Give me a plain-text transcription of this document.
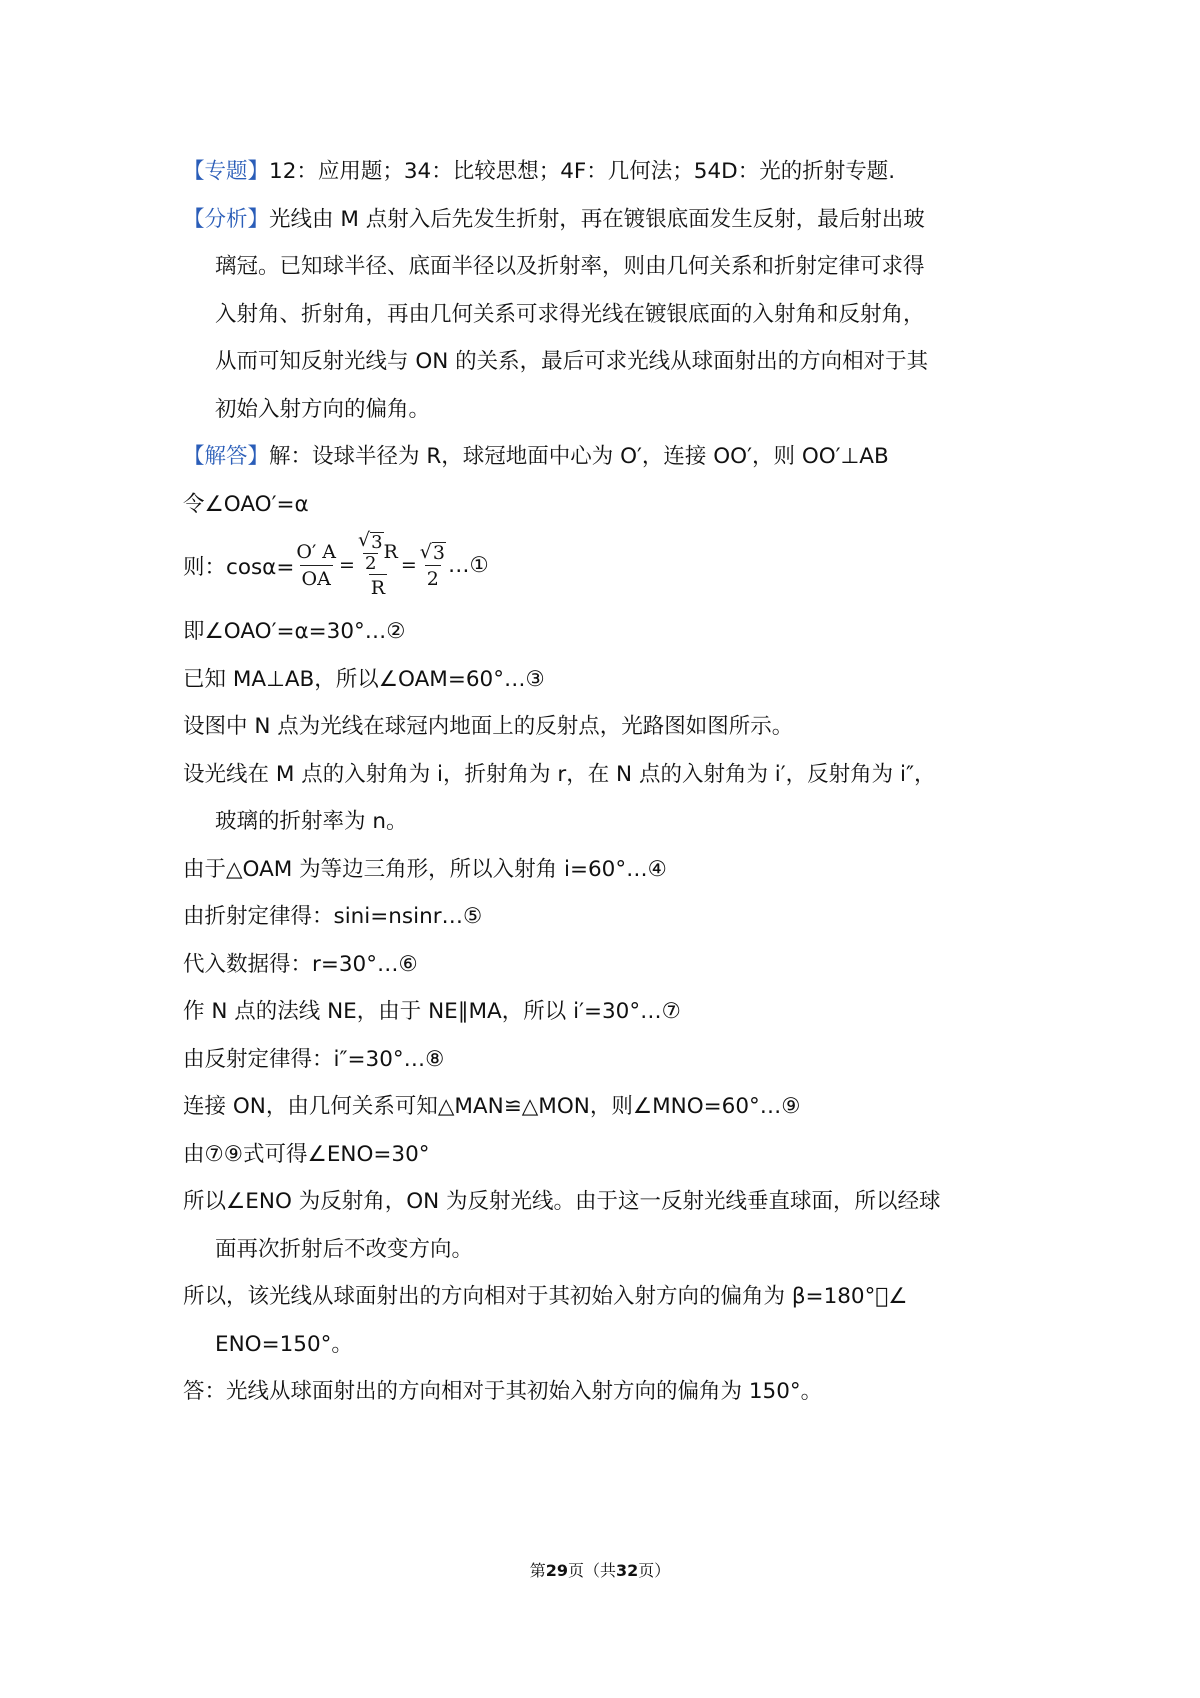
【专题】12：应用题；34：比较思想；4F：几何法；54D：光的折射专题.
【分析】光线由 M 点射入后先发生折射，再在镀银底面发生反射，最后射出玻
璃冠。已知球半径、底面半径以及折射率，则由几何关系和折射定律可求得
入射角、折射角，再由几何关系可求得光线在镀银底面的入射角和反射角，
从而可知反射光线与 ON 的关系，最后可求光线从球面射出的方向相对于其
初始入射方向的偏角。
【解答】解：设球半径为 R，球冠地面中心为 O′，连接 OO′，则 OO′⊥AB
令∠OAO′=α
则：$\cos\alpha= \frac{O' A}{OA} = \frac{\frac{√ 3}{2} R}{R} = \frac{√ 3}{2}$ …①
即∠OAO′=α=30°…②
已知 MA⊥AB，所以∠OAM=60°…③
设图中 N 点为光线在球冠内地面上的反射点，光路图如图所示。
设光线在 M 点的入射角为 i，折射角为 r，在 N 点的入射角为 i′，反射角为 i″，
玻璃的折射率为 n。
由于△OAM 为等边三角形，所以入射角 i=60°…④
由折射定律得：sini=nsinr…⑤
代入数据得：r=30°…⑥
作 N 点的法线 NE，由于 NE∥MA，所以 i′=30°…⑦
由反射定律得：i″=30°…⑧
连接 ON，由几何关系可知△MAN≌△MON，则∠MNO=60°…⑨
由⑦⑨式可得∠ENO=30°
所以∠ENO 为反射角，ON 为反射光线。由于这一反射光线垂直球面，所以经球
面再次折射后不改变方向。
所以，该光线从球面射出的方向相对于其初始入射方向的偏角为 β=180°￿∠
ENO=150°。
答：光线从球面射出的方向相对于其初始入射方向的偏角为 150°。
第29页（共32页）
